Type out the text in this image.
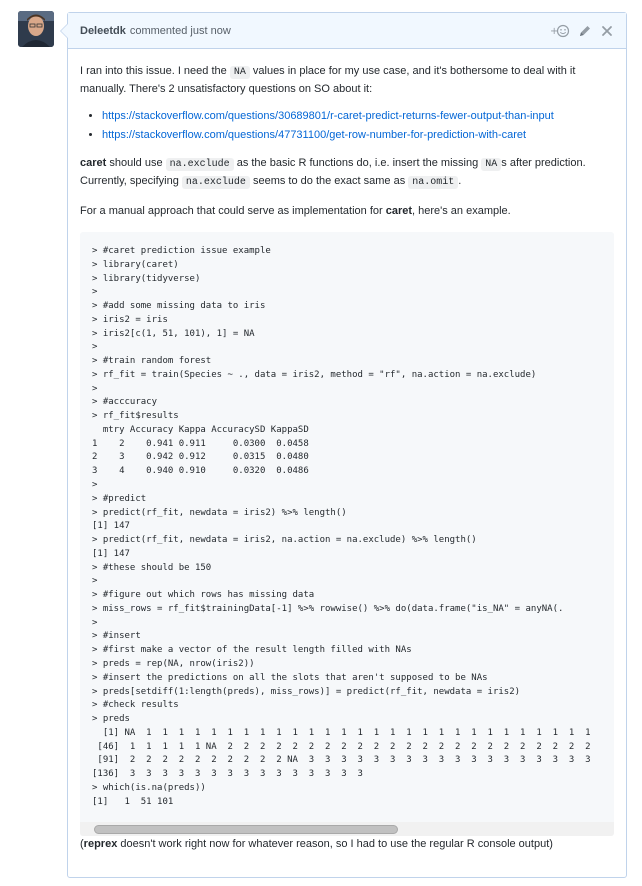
Deleetdk commented
just now	+

I ran into this issue. I need the NA values in place for my use case, and it's bothersome to deal with it manually. There's 2 unsatisfactory questions on SO about it:

• https://stackoverflow.com/questions/30689801/r-caret-predict-returns-fewer-output-than-input
• https://stackoverflow.com/questions/47731100/get-row-number-for-prediction-with-caret

caret should use na.exclude as the basic R functions do, i.e. insert the missing NA s after prediction. Currently, specifying na.exclude seems to do the exact same as na.omit .

For a manual approach that could serve as implementation for caret, here's an example.

> #caret prediction issue example
> library(caret)
> library(tidyverse)
>
> #add some missing data to iris
> iris2 = iris
> iris2[c(1, 51, 101), 1] = NA
>
> #train random forest
> rf_fit = train(Species ~ ., data = iris2, method = "rf", na.action = na.exclude)
>
> #acccuracy
> rf_fit$results
mtry Accuracy Kappa AccuracySD KappaSD
1    2    0.941 0.911     0.0300  0.0458
2    3    0.942 0.912     0.0315  0.0480
3    4    0.940 0.910     0.0320  0.0486
>
> #predict
> predict(rf_fit, newdata = iris2) %>% length()
[1] 147
> predict(rf_fit, newdata = iris2, na.action = na.exclude) %>% length()
[1] 147
> #these should be 150
>
> #figure out which rows has missing data
> miss_rows = rf_fit$trainingData[-1] %>% rowwise() %>% do(data.frame("is_NA" = anyNA(.
>
> #insert
> #first make a vector of the result length filled with NAs
> preds = rep(NA, nrow(iris2))
> #insert the predictions on all the slots that aren't supposed to be NAs
> preds[setdiff(1:length(preds), miss_rows)] = predict(rf_fit, newdata = iris2)
> #check results
> preds
[1] NA  1  1  1  1  1  1  1  1  1  1  1  1  1  1  1  1  1  1  1  1  1  1  1  1  1  1  1  1
[46]  1  1  1  1  1 NA  2  2  2  2  2  2  2  2  2  2  2  2  2  2  2  2  2  2  2  2  2  2  2
[91]  2  2  2  2  2  2  2  2  2  2 NA  3  3  3  3  3  3  3  3  3  3  3  3  3  3  3  3  3  3
[136]  3  3  3  3  3  3  3  3  3  3  3  3  3  3  3
> which(is.na(preds))
[1]   1  51 101

(reprex doesn't work right now for whatever reason, so I had to use the regular R console output)
